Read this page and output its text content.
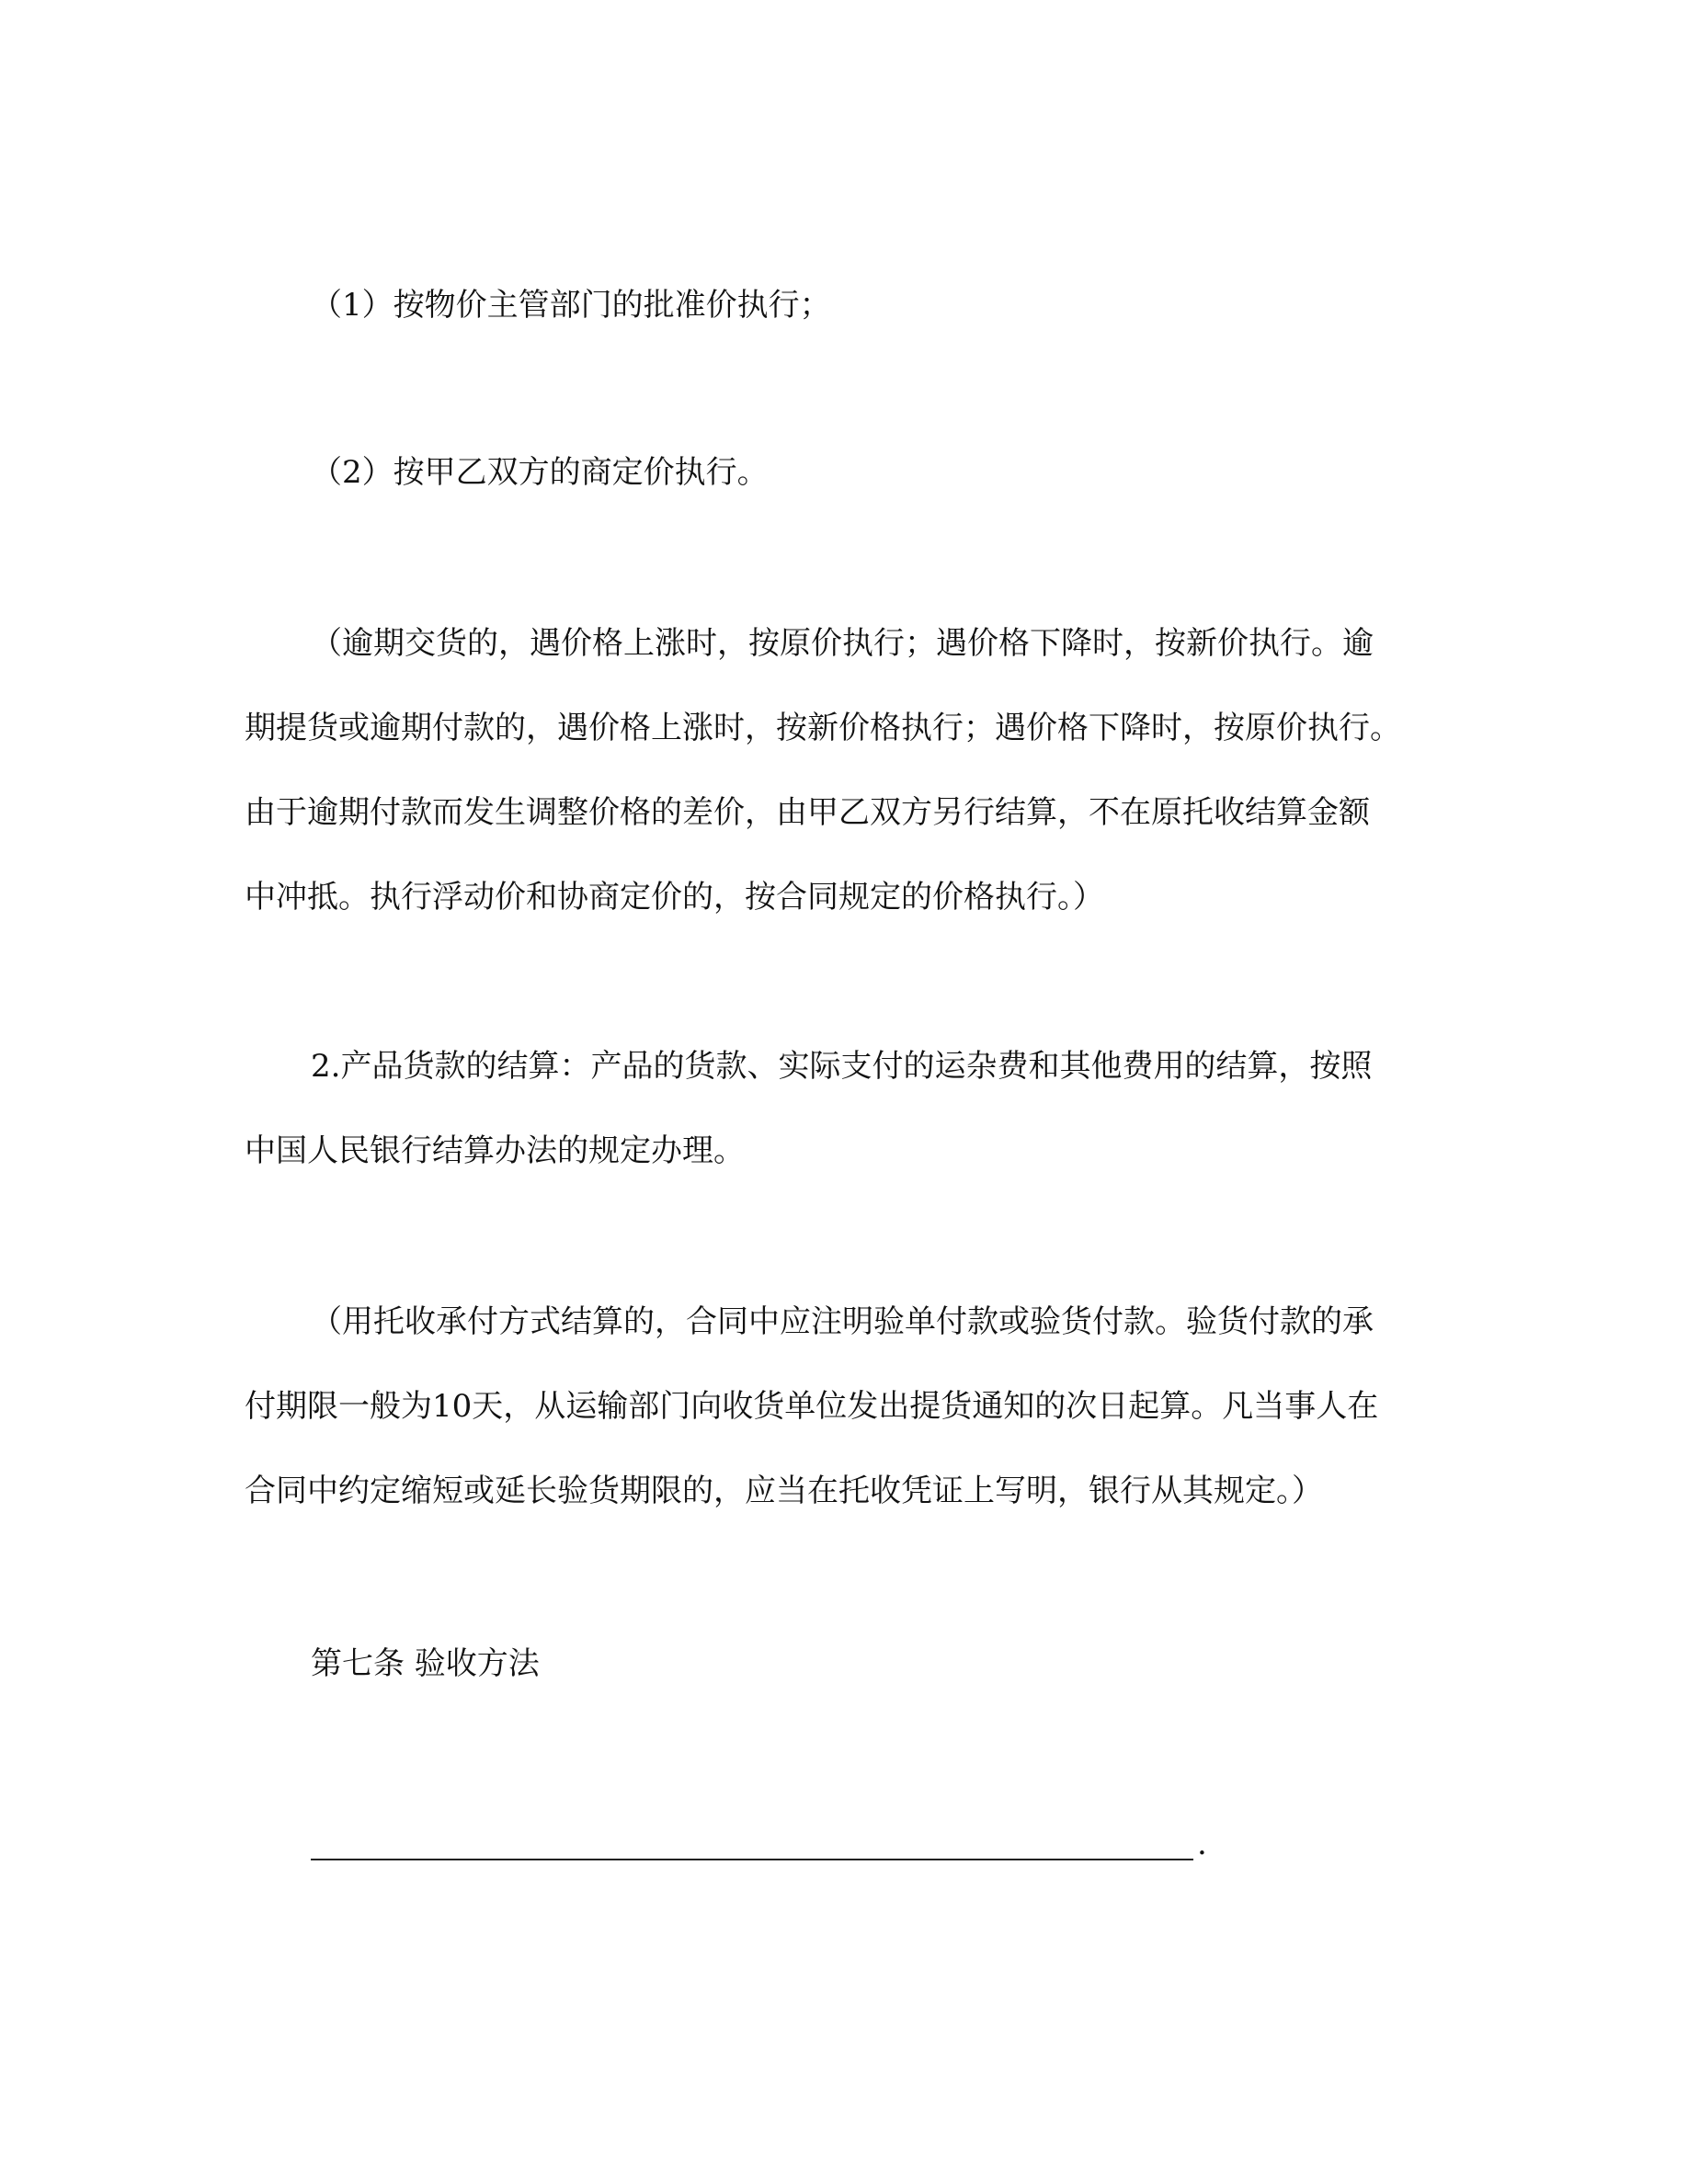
（1）按物价主管部门的批准价执行；
（2）按甲乙双方的商定价执行。
（逾期交货的，遇价格上涨时，按原价执行；遇价格下降时，按新价执行。逾
期提货或逾期付款的，遇价格上涨时，按新价格执行；遇价格下降时，按原价执行。
由于逾期付款而发生调整价格的差价，由甲乙双方另行结算，不在原托收结算金额
中冲抵。执行浮动价和协商定价的，按合同规定的价格执行。）
2.产品货款的结算：产品的货款、实际支付的运杂费和其他费用的结算，按照
中国人民银行结算办法的规定办理。
（用托收承付方式结算的，合同中应注明验单付款或验货付款。验货付款的承
付期限一般为10天，从运输部门向收货单位发出提货通知的次日起算。凡当事人在
合同中约定缩短或延长验货期限的，应当在托收凭证上写明，银行从其规定。）
第七条 验收方法
.
